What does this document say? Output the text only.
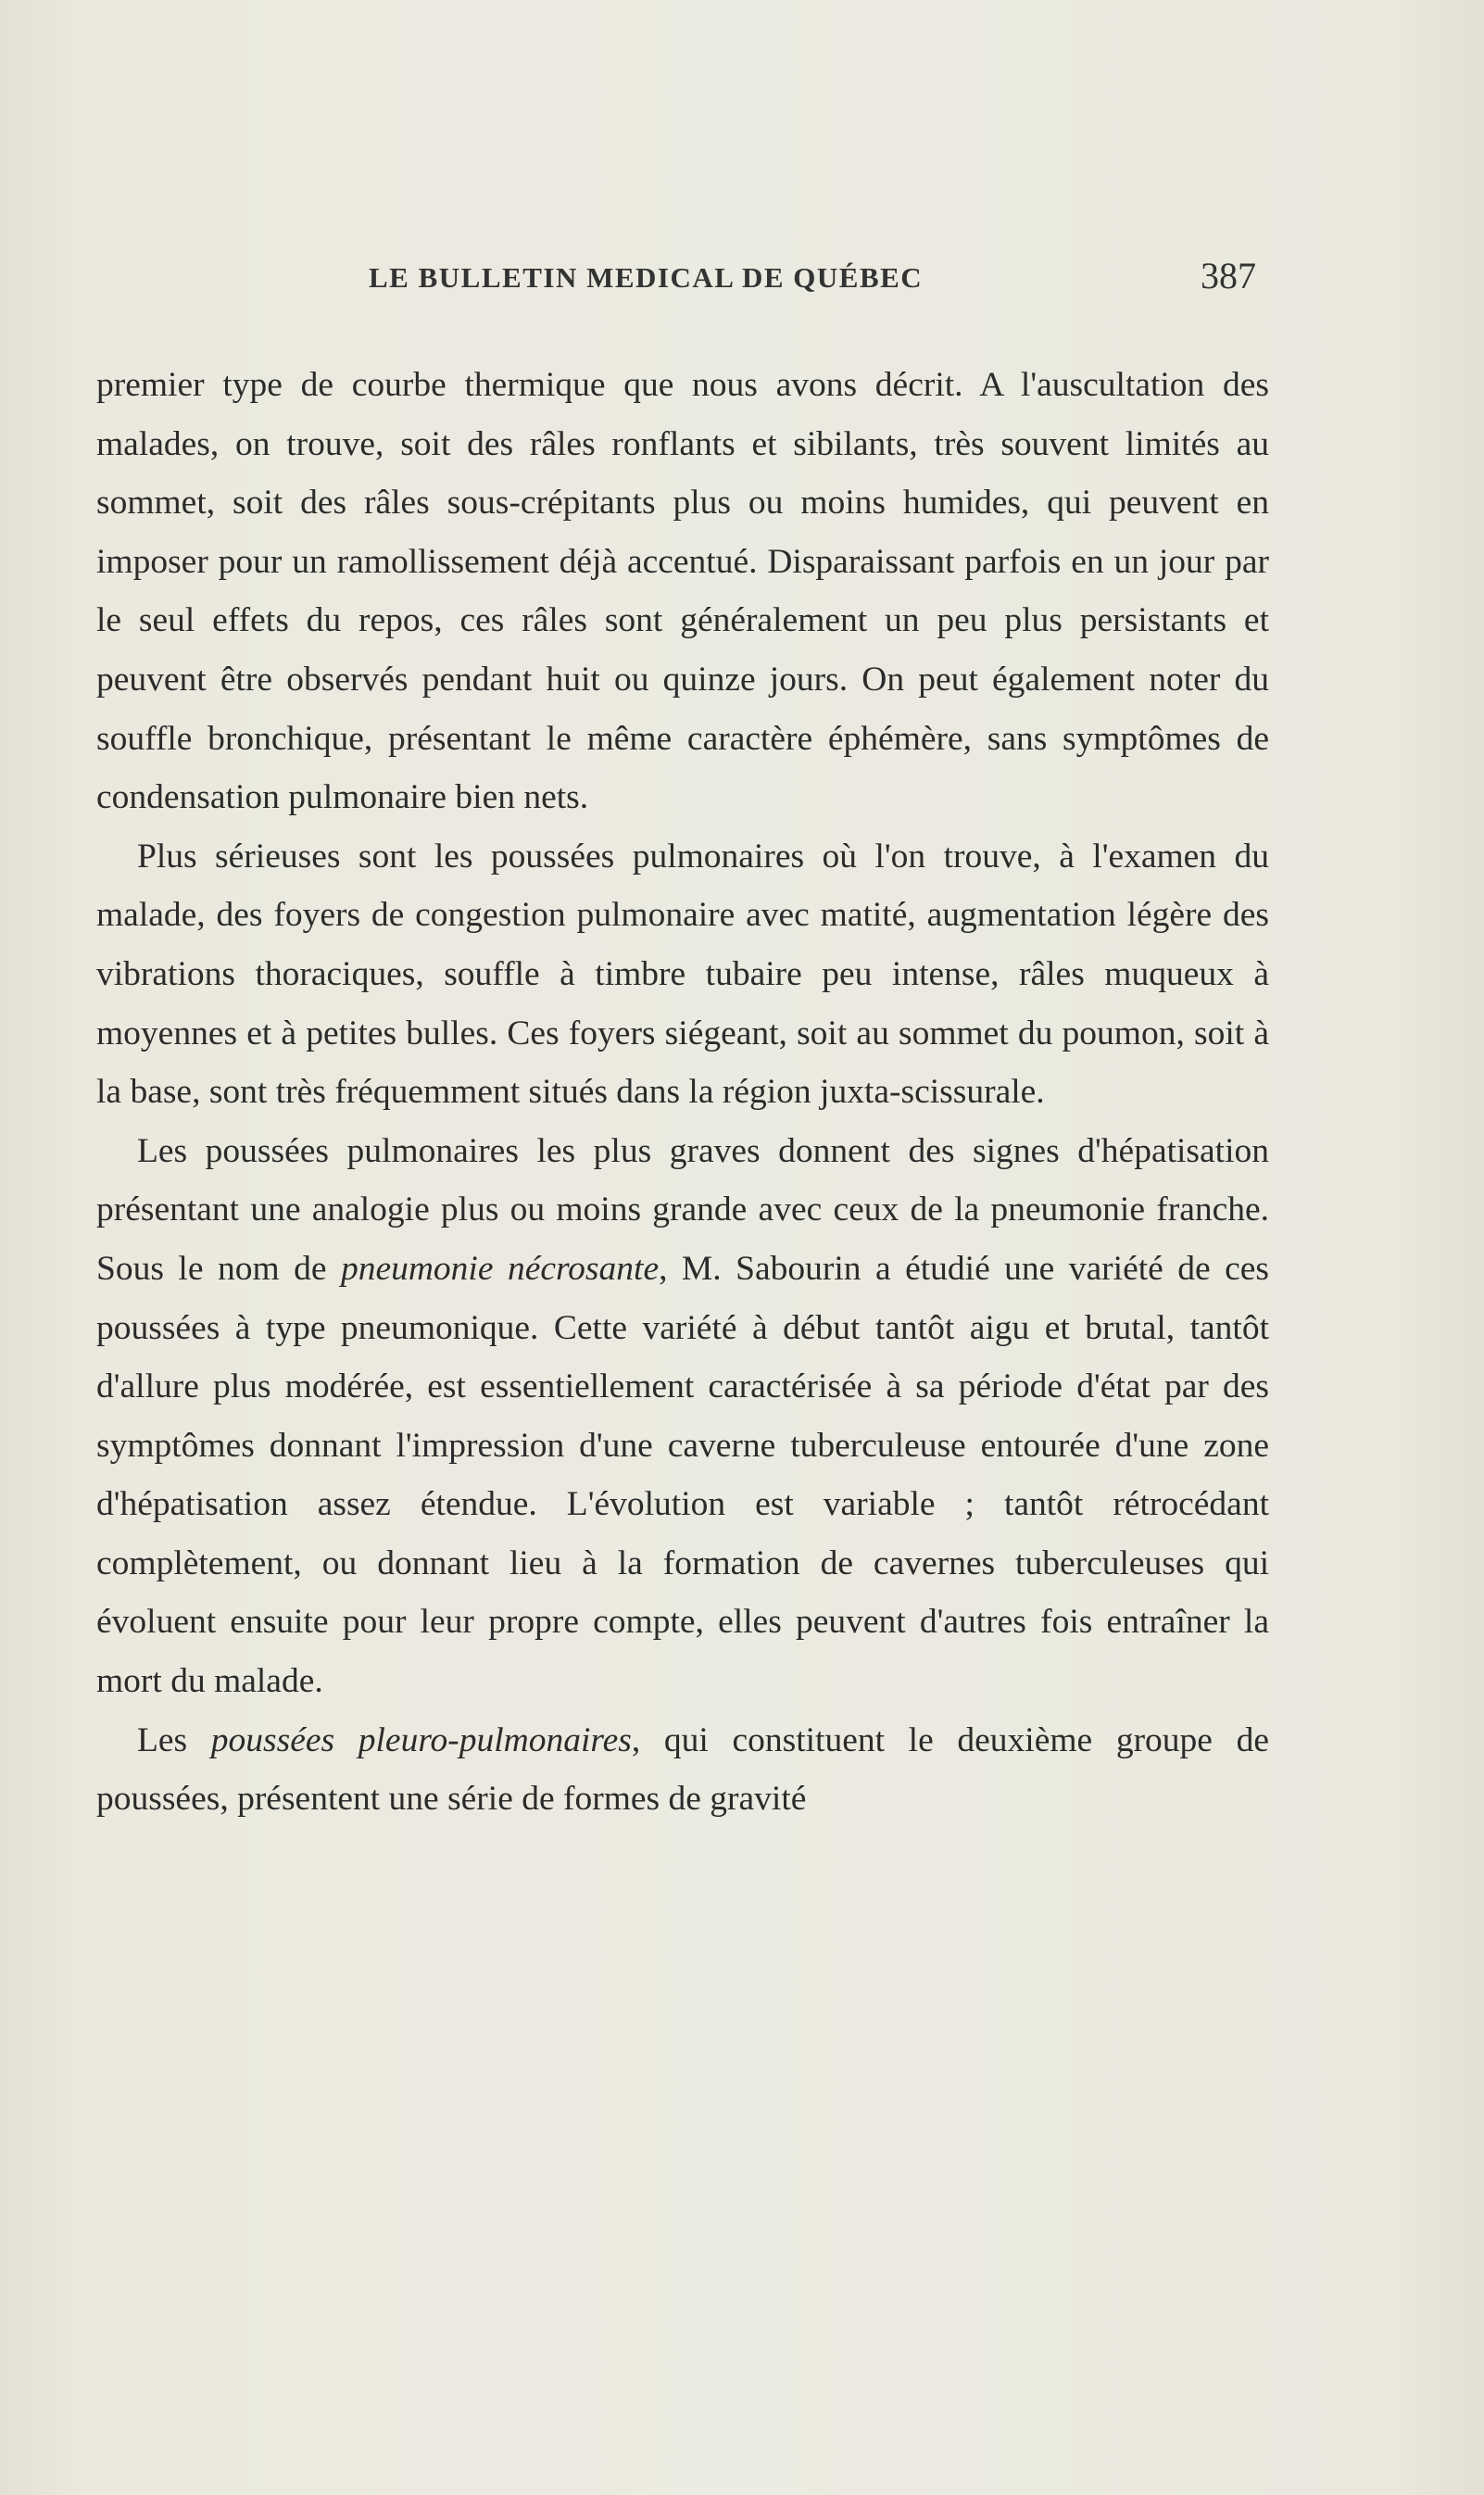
LE BULLETIN MEDICAL DE QUÉBEC	387

premier type de courbe thermique que nous avons décrit. A l'auscultation des malades, on trouve, soit des râles ronflants et sibilants, très souvent limités au sommet, soit des râles sous-crépitants plus ou moins humides, qui peuvent en imposer pour un ramollissement déjà accentué. Disparaissant parfois en un jour par le seul effets du repos, ces râles sont généralement un peu plus persistants et peuvent être observés pendant huit ou quinze jours. On peut également noter du souffle bronchique, présentant le même caractère éphémère, sans symptômes de condensation pulmonaire bien nets.

Plus sérieuses sont les poussées pulmonaires où l'on trouve, à l'examen du malade, des foyers de congestion pulmonaire avec matité, augmentation légère des vibrations thoraciques, souffle à timbre tubaire peu intense, râles muqueux à moyennes et à petites bulles. Ces foyers siégeant, soit au sommet du poumon, soit à la base, sont très fréquemment situés dans la région juxta-scissurale.

Les poussées pulmonaires les plus graves donnent des signes d'hépatisation présentant une analogie plus ou moins grande avec ceux de la pneumonie franche. Sous le nom de pneumonie nécrosante, M. Sabourin a étudié une variété de ces poussées à type pneumonique. Cette variété à début tantôt aigu et brutal, tantôt d'allure plus modérée, est essentiellement caractérisée à sa période d'état par des symptômes donnant l'impression d'une caverne tuberculeuse entourée d'une zone d'hépatisation assez étendue. L'évolution est variable ; tantôt rétrocédant complètement, ou donnant lieu à la formation de cavernes tuberculeuses qui évoluent ensuite pour leur propre compte, elles peuvent d'autres fois entraîner la mort du malade.

Les poussées pleuro-pulmonaires, qui constituent le deuxième groupe de poussées, présentent une série de formes de gravité
